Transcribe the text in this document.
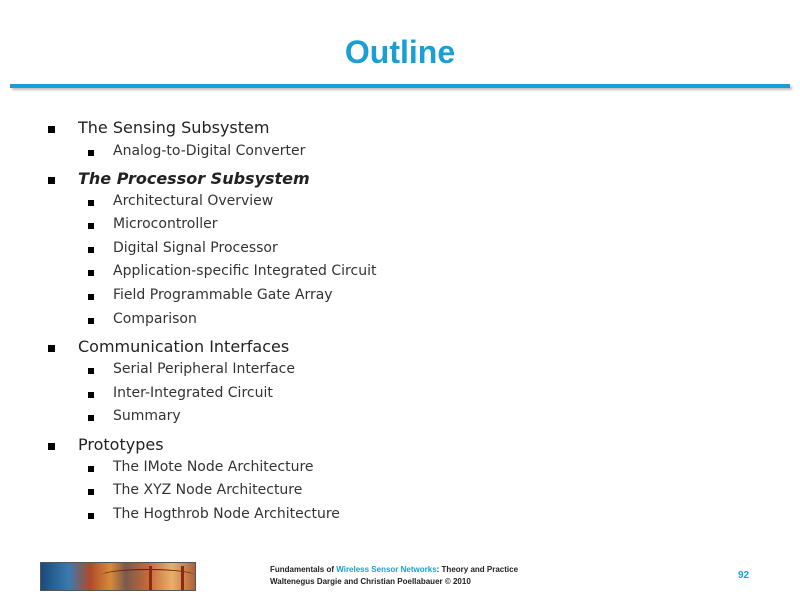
Outline
The Sensing Subsystem
Analog-to-Digital Converter
The Processor Subsystem
Architectural Overview
Microcontroller
Digital Signal Processor
Application-specific Integrated Circuit
Field Programmable Gate Array
Comparison
Communication Interfaces
Serial Peripheral Interface
Inter-Integrated Circuit
Summary
Prototypes
The IMote Node Architecture
The XYZ Node Architecture
The Hogthrob Node Architecture
Fundamentals of Wireless Sensor Networks: Theory and Practice
Waltenegus Dargie and Christian Poellabauer © 2010
92
